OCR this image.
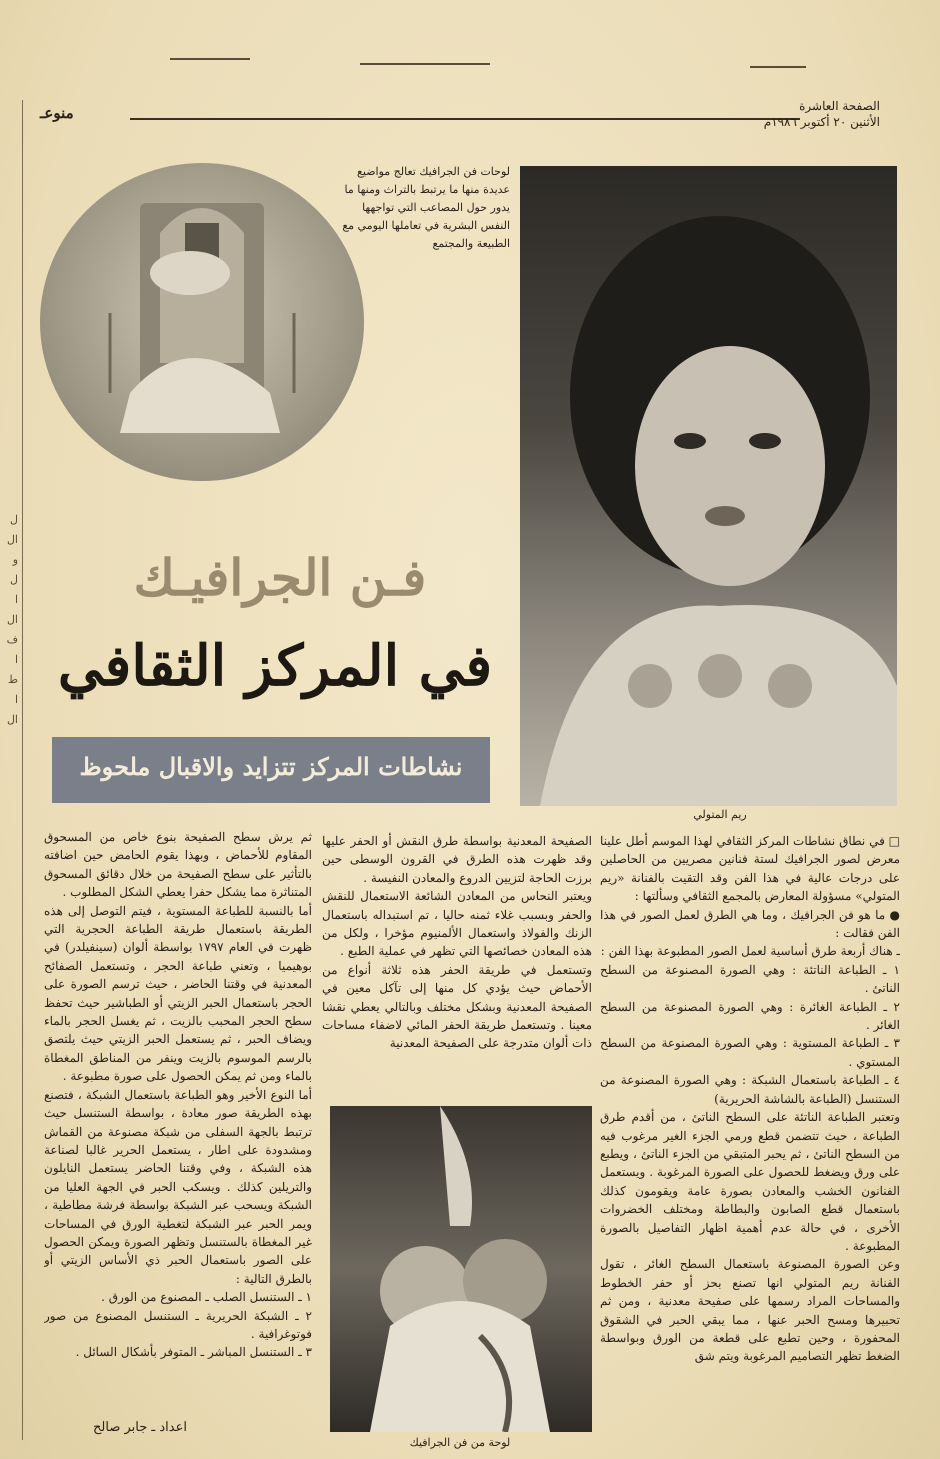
ل
ال
و
ل
ا
ال
ف
ا
ط
ا
ال
منوعـ	الصفحة العاشرة
الأثنين ٢٠ أكتوبر ١٩٨٦م
لوحات فن الجرافيك تعالج مواضيع عديدة منها ما يرتبط بالتراث ومنها ما يدور حول المصاعب التي تواجهها النفس البشرية في تعاملها اليومي مع الطبيعة والمجتمع
ريم المتولي
فـن الجرافيـك
في المركز الثقافي
نشاطات المركز تتزايد والاقبال ملحوظ

□ في نطاق نشاطات المركز الثقافي لهذا الموسم أطل علينا معرض لصور الجرافيك لستة فنانين مصريين من الحاصلين على درجات عالية في هذا الفن وقد التقيت بالفنانة «ريم المتولي» مسؤولة المعارض بالمجمع الثقافي وسألتها :

● ما هو فن الجرافيك ، وما هي الطرق لعمل الصور في هذا الفن فقالت :

ـ هناك أربعة طرق أساسية لعمل الصور المطبوعة بهذا الفن :

١ ـ الطباعة الناتئة : وهي الصورة المصنوعة من السطح الناتئ .

٢ ـ الطباعة الغائرة : وهي الصورة المصنوعة من السطح الغائر .

٣ ـ الطباعة المستوية : وهي الصورة المصنوعة من السطح المستوي .

٤ ـ الطباعة باستعمال الشبكة : وهي الصورة المصنوعة من الستنسل (الطباعة بالشاشة الحريرية)

وتعتبر الطباعة الناتئة على السطح الناتئ ، من أقدم طرق الطباعة ، حيث تتضمن قطع ورمي الجزء الغير مرغوب فيه من السطح الناتئ ، ثم يحبر المتبقي من الجزء الناتئ ، ويطبع على ورق ويضغط للحصول على الصورة المرغوبة . ويستعمل الفنانون الخشب والمعادن بصورة عامة ويقومون كذلك باستعمال قطع الصابون والبطاطة ومختلف الخضروات الأخرى ، في حالة عدم أهمية اظهار التفاصيل بالصورة المطبوعة .

وعن الصورة المصنوعة باستعمال السطح الغائر ، تقول الفنانة ريم المتولي انها تصنع بحز أو حفر الخطوط والمساحات المراد رسمها على صفيحة معدنية ، ومن ثم تحبيرها ومسح الحبر عنها ، مما يبقي الحبر في الشقوق المحفورة ، وحين تطبع على قطعة من الورق وبواسطة الضغط تظهر التصاميم المرغوبة ويتم شق

الصفيحة المعدنية بواسطة طرق النقش أو الحفر عليها وقد ظهرت هذه الطرق في القرون الوسطى حين برزت الحاجة لتزيين الدروع والمعادن النفيسة .

ويعتبر النحاس من المعادن الشائعة الاستعمال للنقش والحفر وبسبب غلاء ثمنه حاليا ، تم استبداله باستعمال الزنك والفولاذ واستعمال الألمنيوم مؤخرا ، ولكل من هذه المعادن خصائصها التي تظهر في عملية الطبع .

وتستعمل في طريقة الحفر هذه ثلاثة أنواع من الأحماض حيث يؤدي كل منها إلى تآكل معين في الصفيحة المعدنية وبشكل مختلف وبالتالي يعطي نقشا معينا . وتستعمل طريقة الحفر المائي لاضفاء مساحات ذات ألوان متدرجة على الصفيحة المعدنية

لوحة من فن الجرافيك

ثم يرش سطح الصفيحة بنوع خاص من المسحوق المقاوم للأحماض ، وبهذا يقوم الحامض حين اضافته بالتأثير على سطح الصفيحة من خلال دقائق المسحوق المتناثرة مما يشكل حفرا يعطي الشكل المطلوب .

أما بالنسبة للطباعة المستوية ، فيتم التوصل إلى هذه الطريقة باستعمال طريقة الطباعة الحجرية التي ظهرت في العام ١٧٩٧ بواسطة ألوان (سينفيلدر) في بوهيميا ، وتعني طباعة الحجر ، وتستعمل الصفائح المعدنية في وقتنا الحاضر ، حيث ترسم الصورة على الحجر باستعمال الحبر الزيتي أو الطباشير حيث تحفظ سطح الحجر المحبب بالزيت ، ثم يغسل الحجر بالماء ويضاف الحبر ، ثم يستعمل الحبر الزيتي حيث يلتصق بالرسم الموسوم بالزيت وينفر من المناطق المغطاة بالماء ومن ثم يمكن الحصول على صورة مطبوعة .

أما النوع الأخير وهو الطباعة باستعمال الشبكة ، فتصنع بهذه الطريقة صور معادة ، بواسطة الستنسل حيث ترتبط بالجهة السفلى من شبكة مصنوعة من القماش ومشدودة على اطار ، يستعمل الحرير غالبا لصناعة هذه الشبكة ، وفي وقتنا الحاضر يستعمل النايلون والتريلين كذلك . ويسكب الحبر في الجهة العليا من الشبكة ويسحب عبر الشبكة بواسطة فرشة مطاطية ، ويمر الحبر عبر الشبكة لتغطية الورق في المساحات غير المغطاة بالستنسل وتظهر الصورة ويمكن الحصول على الصور باستعمال الحبر ذي الأساس الزيتي أو بالطرق التالية :

١ ـ الستنسل الصلب ـ المصنوع من الورق .

٢ ـ الشبكة الحريرية ـ الستنسل المصنوع من صور فوتوغرافية .

٣ ـ الستنسل المباشر ـ المتوفر بأشكال السائل .

اعداد ـ جابر صالح
